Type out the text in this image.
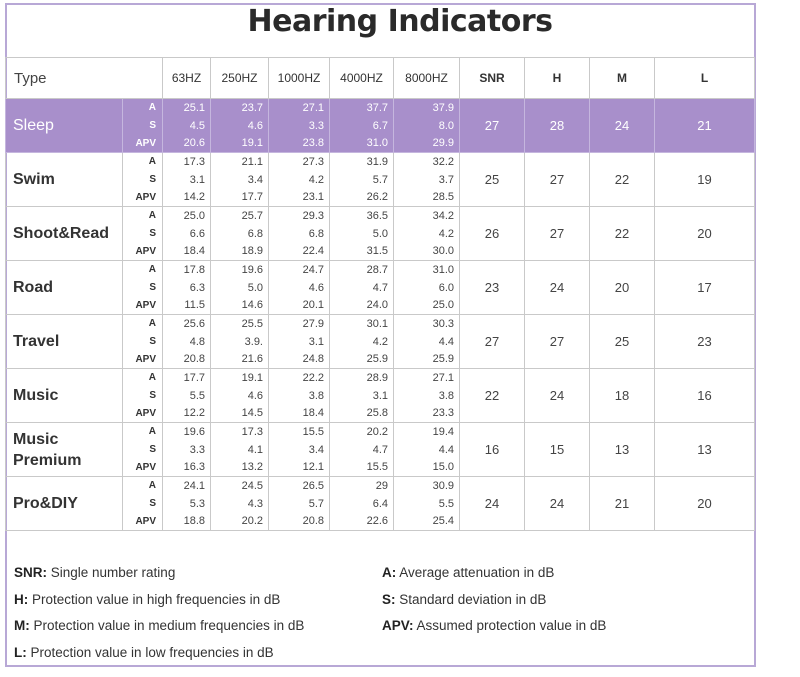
Hearing Indicators
Type		63HZ	250HZ	1000HZ	4000HZ	8000HZ	SNR	H	M	L
Sleep	A	25.1	23.7	27.1	37.7	37.9	27	28	24	21
	S	4.5	4.6	3.3	6.7	8.0				
	APV	20.6	19.1	23.8	31.0	29.9				
Swim	A	17.3	21.1	27.3	31.9	32.2	25	27	22	19
	S	3.1	3.4	4.2	5.7	3.7				
	APV	14.2	17.7	23.1	26.2	28.5				
Shoot&Read	A	25.0	25.7	29.3	36.5	34.2	26	27	22	20
	S	6.6	6.8	6.8	5.0	4.2				
	APV	18.4	18.9	22.4	31.5	30.0				
Road	A	17.8	19.6	24.7	28.7	31.0	23	24	20	17
	S	6.3	5.0	4.6	4.7	6.0				
	APV	11.5	14.6	20.1	24.0	25.0				
Travel	A	25.6	25.5	27.9	30.1	30.3	27	27	25	23
	S	4.8	3.9.	3.1	4.2	4.4				
	APV	20.8	21.6	24.8	25.9	25.9				
Music	A	17.7	19.1	22.2	28.9	27.1	22	24	18	16
	S	5.5	4.6	3.8	3.1	3.8				
	APV	12.2	14.5	18.4	25.8	23.3				
Music Premium	A	19.6	17.3	15.5	20.2	19.4	16	15	13	13
	S	3.3	4.1	3.4	4.7	4.4				
	APV	16.3	13.2	12.1	15.5	15.0				
Pro&DIY	A	24.1	24.5	26.5	29	30.9	24	24	21	20
	S	5.3	4.3	5.7	6.4	5.5				
	APV	18.8	20.2	20.8	22.6	25.4				
SNR: Single number rating
H: Protection value in high frequencies in dB
M: Protection value in medium frequencies in dB
L: Protection value in low frequencies in dB
A: Average attenuation in dB
S: Standard deviation in dB
APV: Assumed protection value in dB
